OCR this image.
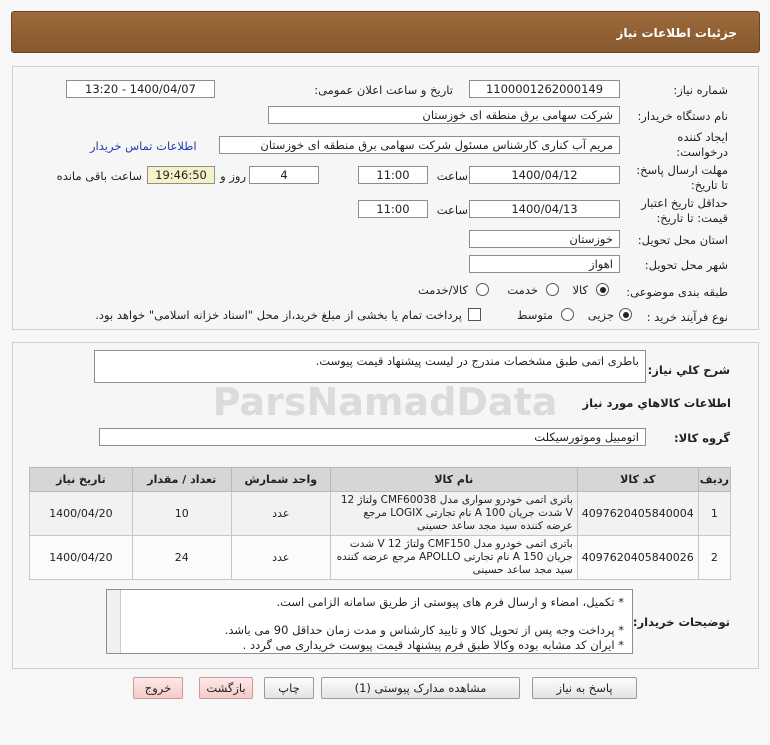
جزئیات اطلاعات نیاز
شماره نیاز:
1100001262000149
تاریخ و ساعت اعلان عمومی:
1400/04/07 - 13:20
نام دستگاه خریدار:
شرکت سهامی برق منطقه ای خوزستان
ایجاد کننده
درخواست:
مریم آب کناری کارشناس مسئول شرکت سهامی برق منطقه ای خوزستان
اطلاعات تماس خریدار
مهلت ارسال پاسخ:
تا تاریخ:
1400/04/12
ساعت
11:00
4
روز و
19:46:50
ساعت باقی مانده
حداقل تاریخ اعتبار
قیمت: تا تاریخ:
1400/04/13
ساعت
11:00
استان محل تحویل:
خوزستان
شهر محل تحویل:
اهواز
طبقه بندی موضوعی:
کالا
خدمت
کالا/خدمت
نوع فرآیند خرید :
جزیی
متوسط
پرداخت تمام یا بخشی از مبلغ خرید،از محل "اسناد خزانه اسلامی" خواهد بود.
شرح کلي نياز:
باطری اتمی طبق مشخصات مندرج در لیست پیشنهاد قیمت پیوست.
اطلاعات کالاهاي مورد نياز
گروه کالا:
اتومبیل وموتورسیکلت
ParsNamadData
ردیف	کد کالا	نام کالا	واحد شمارش	تعداد / مقدار	تاریخ نیاز
1	4097620405840004	باتری اتمی خودرو سواری مدل CMF60038 ولتاژ 12 V شدت جریان 100 A نام تجارتی LOGIX مرجع عرضه کننده سید مجد ساعد حسینی	عدد	10	1400/04/20
2	4097620405840026	باتری اتمی خودرو مدل CMF150 ولتاژ 12 V شدت جریان 150 A نام تجارتی APOLLO مرجع عرضه کننده سید مجد ساعد حسینی	عدد	24	1400/04/20
توضیحات خریدار:
* تکمیل، امضاء و ارسال فرم های پیوستی از طریق سامانه الزامی است.
* پرداخت وجه پس از تحویل کالا و تایید کارشناس و مدت زمان حداقل 90 می باشد.
* ایران کد مشابه بوده وکالا طبق فرم پیشنهاد قیمت پیوست خریداری می گردد .
پاسخ به نیاز
مشاهده مدارک پیوستی (1)
چاپ
بازگشت
خروج
